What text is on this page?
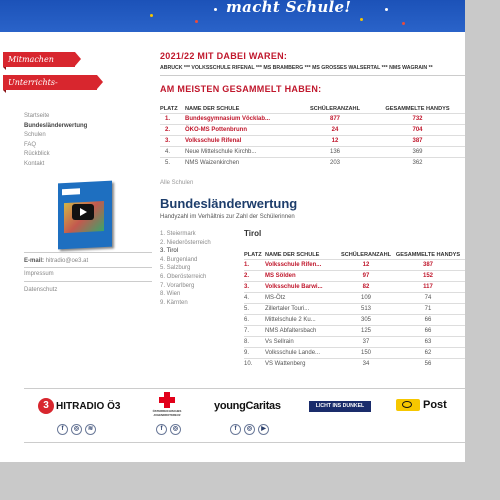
macht Schule!
Mitmachen
Unterrichts-Materialien
Startseite
Bundesländerwertung
Schulen
FAQ
Rückblick
Kontakt
E-mail: hitradio@oe3.at
Impressum
Datenschutz
2021/22 MIT DABEI WAREN:
ABRUCK *** VOLKSSCHULE RIFENAL *** MS BRAMBERG *** MS GROSSES WALSERTAL *** NMS WAGRAIN **
AM MEISTEN GESAMMELT HABEN:
PLATZ	NAME DER SCHULE	SCHÜLERANZAHL	GESAMMELTE HANDYS
1.	Bundesgymnasium Vöcklab...	877	732
2.	ÖKO-MS Pottenbrunn	24	704
3.	Volksschule Rifenal	12	387
4.	Neue Mittelschule Kirchb...	136	369
5.	NMS Waizenkirchen	203	362
Alle Schulen
Bundesländerwertung
Handyzahl im Verhältnis zur Zahl der Schülerinnen
1. Steiermark
2. Niederösterreich
3. Tirol
4. Burgenland
5. Salzburg
6. Oberösterreich
7. Vorarlberg
8. Wien
9. Kärnten
Tirol
PLATZ	NAME DER SCHULE	SCHÜLERANZAHL	GESAMMELTE HANDYS
1.	Volksschule Rifen...	12	387
2.	MS Sölden	97	152
3.	Volksschule Barwi...	82	117
4.	MS-Ötz	109	74
5.	Zillertaler Touri...	513	71
6.	Mittelschule 2 Ku...	305	66
7.	NMS Abfaltersbach	125	66
8.	Vs Sellrain	37	63
9.	Volksschule Lande...	150	62
10.	VS Wattenberg	34	56
3 HITRADIO Ö3
f	◎	≋
ÖSTERREICHISCHES JUGENDROTKREUZ
f	◎
youngCaritas
f	◎	▶
LICHT INS DUNKEL	Post
